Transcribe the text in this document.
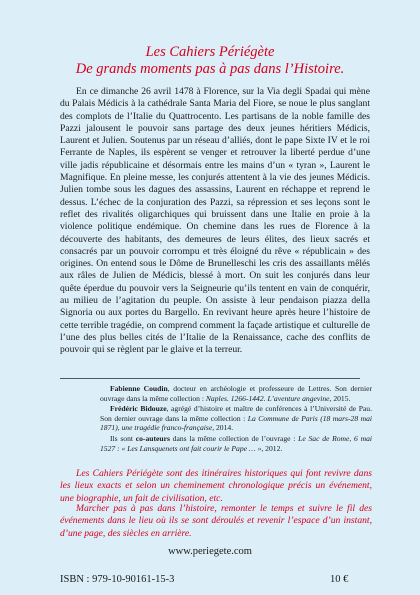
Les Cahiers Périégète
De grands moments pas à pas dans l’Histoire.

En ce dimanche 26 avril 1478 à Florence, sur la Via degli Spadai qui mène du Palais Médicis à la cathédrale Santa Maria del Fiore, se noue le plus sanglant des complots de l’Italie du Quattrocento. Les partisans de la noble famille des Pazzi jalousent le pouvoir sans partage des deux jeunes héritiers Médicis, Laurent et Julien. Soutenus par un réseau d’alliés, dont le pape Sixte IV et le roi Ferrante de Naples, ils espèrent se venger et retrouver la liberté perdue d’une ville jadis républicaine et désormais entre les mains d’un « tyran », Laurent le Magnifique. En pleine messe, les conjurés attentent à la vie des jeunes Médicis. Julien tombe sous les dagues des assassins, Laurent en réchappe et reprend le dessus. L’échec de la conjuration des Pazzi, sa répression et ses leçons sont le reflet des rivalités oligarchiques qui bruissent dans une Italie en proie à la violence politique endémique. On chemine dans les rues de Florence à la découverte des habitants, des demeures de leurs élites, des lieux sacrés et consacrés par un pouvoir corrompu et très éloigné du rêve « républicain » des origines. On entend sous le Dôme de Brunelleschi les cris des assaillants mêlés aux râles de Julien de Médicis, blessé à mort. On suit les conjurés dans leur quête éperdue du pouvoir vers la Seigneurie qu’ils tentent en vain de conquérir, au milieu de l’agitation du peuple. On assiste à leur pendaison piazza della Signoria ou aux portes du Bargello. En revivant heure après heure l’histoire de cette terrible tragédie, on comprend comment la façade artistique et culturelle de l’une des plus belles cités de l’Italie de la Renaissance, cache des conflits de pouvoir qui se règlent par le glaive et la terreur.

Fabienne Coudin, docteur en archéologie et professeure de Lettres. Son dernier ouvrage dans la même collection : Naples. 1266-1442. L’aventure angevine, 2015.

Frédéric Bidouze, agrégé d’histoire et maître de conférences à l’Université de Pau. Son dernier ouvrage dans la même collection : La Commune de Paris (18 mars-28 mai 1871), une tragédie franco-française, 2014.

Ils sont co-auteurs dans la même collection de l’ouvrage : Le Sac de Rome, 6 mai 1527 : « Les Lansquenets ont fait courir le Pape … », 2012.

Les Cahiers Périégète sont des itinéraires historiques qui font revivre dans les lieux exacts et selon un cheminement chronologique précis un événement, une biographie, un fait de civilisation, etc.

Marcher pas à pas dans l’histoire, remonter le temps et suivre le fil des événements dans le lieu où ils se sont déroulés et revenir l’espace d’un instant, d’une page, des siècles en arrière.

www.periegete.com
ISBN : 979-10-90161-15-3	10 €
